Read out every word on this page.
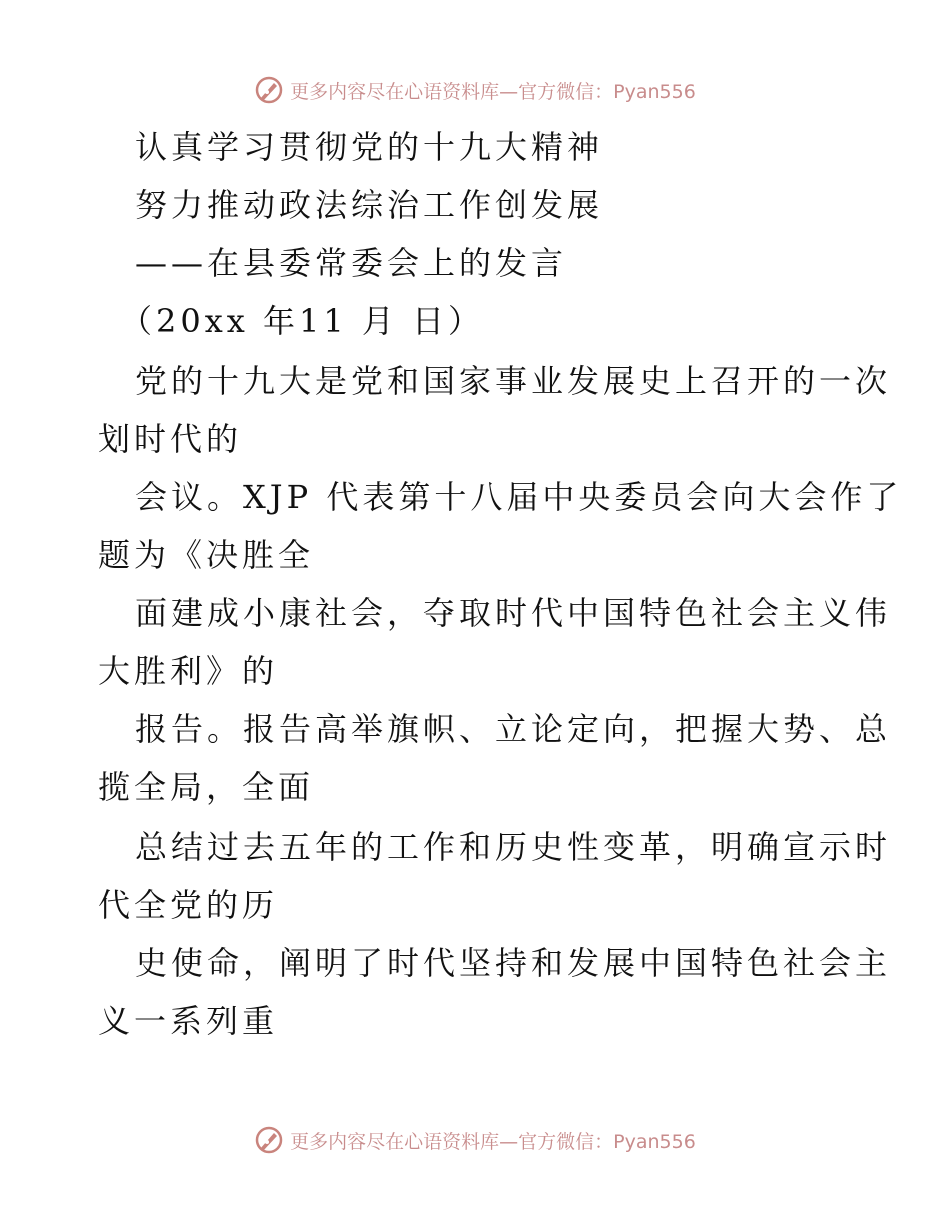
更多内容尽在心语资料库—官方微信：Pyan556
认真学习贯彻党的十九大精神
努力推动政法综治工作创发展
——在县委常委会上的发言
（20xx 年11 月 日）
党的十九大是党和国家事业发展史上召开的一次
划时代的
会议。XJP 代表第十八届中央委员会向大会作了
题为《决胜全
面建成小康社会，夺取时代中国特色社会主义伟
大胜利》的
报告。报告高举旗帜、立论定向，把握大势、总
揽全局，全面
总结过去五年的工作和历史性变革，明确宣示时
代全党的历
史使命，阐明了时代坚持和发展中国特色社会主
义一系列重
更多内容尽在心语资料库—官方微信：Pyan556
